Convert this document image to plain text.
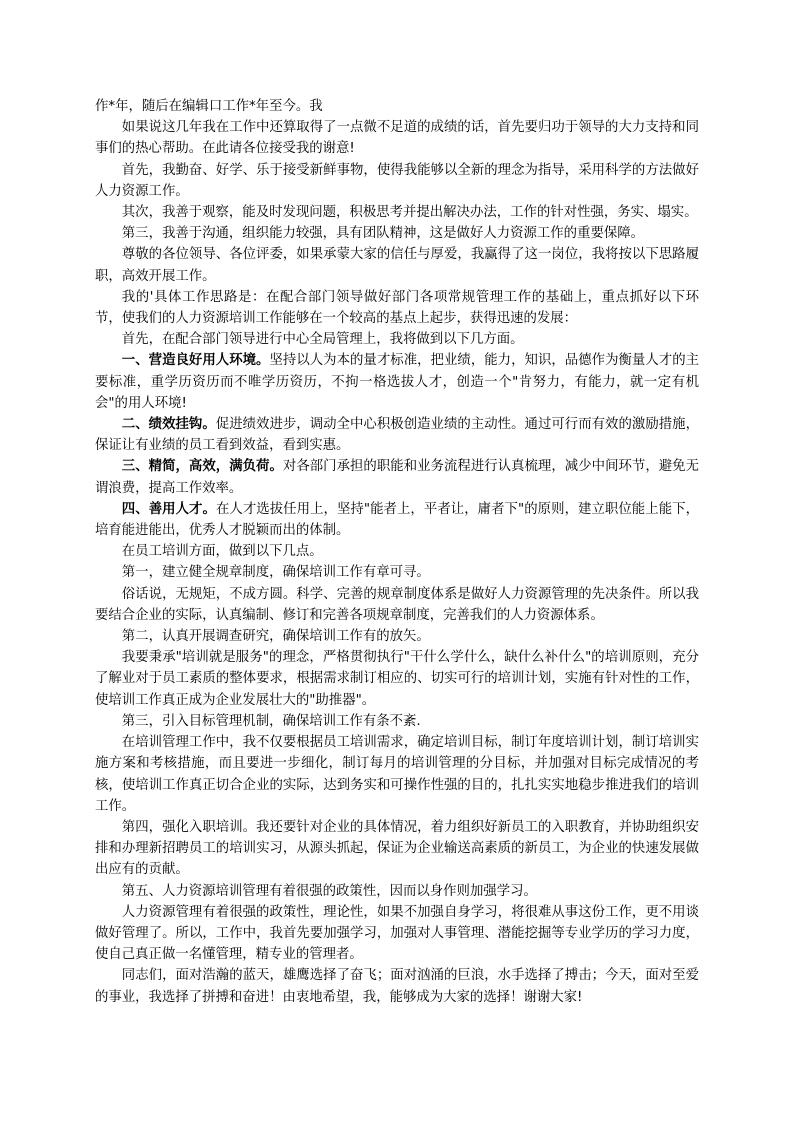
作*年，随后在编辑口工作*年至今。我

如果说这几年我在工作中还算取得了一点微不足道的成绩的话，首先要归功于领导的大力支持和同事们的热心帮助。在此请各位接受我的谢意!

首先，我勤奋、好学、乐于接受新鲜事物，使得我能够以全新的理念为指导，采用科学的方法做好人力资源工作。

其次，我善于观察，能及时发现问题，积极思考并提出解决办法，工作的针对性强，务实、塌实。

第三，我善于沟通，组织能力较强，具有团队精神，这是做好人力资源工作的重要保障。

尊敬的各位领导、各位评委，如果承蒙大家的信任与厚爱，我赢得了这一岗位，我将按以下思路履职，高效开展工作。

我的'具体工作思路是：在配合部门领导做好部门各项常规管理工作的基础上，重点抓好以下环节，使我们的人力资源培训工作能够在一个较高的基点上起步，获得迅速的发展：

首先，在配合部门领导进行中心全局管理上，我将做到以下几方面。

一、营造良好用人环境。坚持以人为本的量才标准，把业绩，能力，知识，品德作为衡量人才的主要标准，重学历资历而不唯学历资历，不拘一格选拔人才，创造一个"肯努力，有能力，就一定有机会"的用人环境!

二、绩效挂钩。促进绩效进步，调动全中心积极创造业绩的主动性。通过可行而有效的激励措施，保证让有业绩的员工看到效益，看到实惠。

三、精简，高效，满负荷。对各部门承担的职能和业务流程进行认真梳理，减少中间环节，避免无谓浪费，提高工作效率。

四、善用人才。在人才选拔任用上，坚持"能者上，平者让，庸者下"的原则，建立职位能上能下，培育能进能出，优秀人才脱颖而出的体制。

在员工培训方面，做到以下几点。

第一，建立健全规章制度，确保培训工作有章可寻。

俗话说，无规矩，不成方圆。科学、完善的规章制度体系是做好人力资源管理的先决条件。所以我要结合企业的实际，认真编制、修订和完善各项规章制度，完善我们的人力资源体系。

第二，认真开展调查研究，确保培训工作有的放矢。

我要秉承"培训就是服务"的理念，严格贯彻执行"干什么学什么，缺什么补什么"的培训原则，充分了解业对于员工素质的整体要求，根据需求制订相应的、切实可行的培训计划，实施有针对性的工作，使培训工作真正成为企业发展壮大的"助推器"。

第三，引入目标管理机制，确保培训工作有条不紊.

在培训管理工作中，我不仅要根据员工培训需求，确定培训目标，制订年度培训计划，制订培训实施方案和考核措施，而且要进一步细化，制订每月的培训管理的分目标，并加强对目标完成情况的考核，使培训工作真正切合企业的实际，达到务实和可操作性强的目的，扎扎实实地稳步推进我们的培训工作。

第四，强化入职培训。我还要针对企业的具体情况，着力组织好新员工的入职教育，并协助组织安排和办理新招聘员工的培训实习，从源头抓起，保证为企业输送高素质的新员工，为企业的快速发展做出应有的贡献。

第五、人力资源培训管理有着很强的政策性，因而以身作则加强学习。

人力资源管理有着很强的政策性，理论性，如果不加强自身学习，将很难从事这份工作，更不用谈做好管理了。所以，工作中，我首先要加强学习，加强对人事管理、潜能挖掘等专业学历的学习力度，使自己真正做一名懂管理，精专业的管理者。

同志们，面对浩瀚的蓝天，雄鹰选择了奋飞；面对汹涌的巨浪，水手选择了搏击；今天，面对至爱的事业，我选择了拼搏和奋进！由衷地希望，我，能够成为大家的选择！谢谢大家!
